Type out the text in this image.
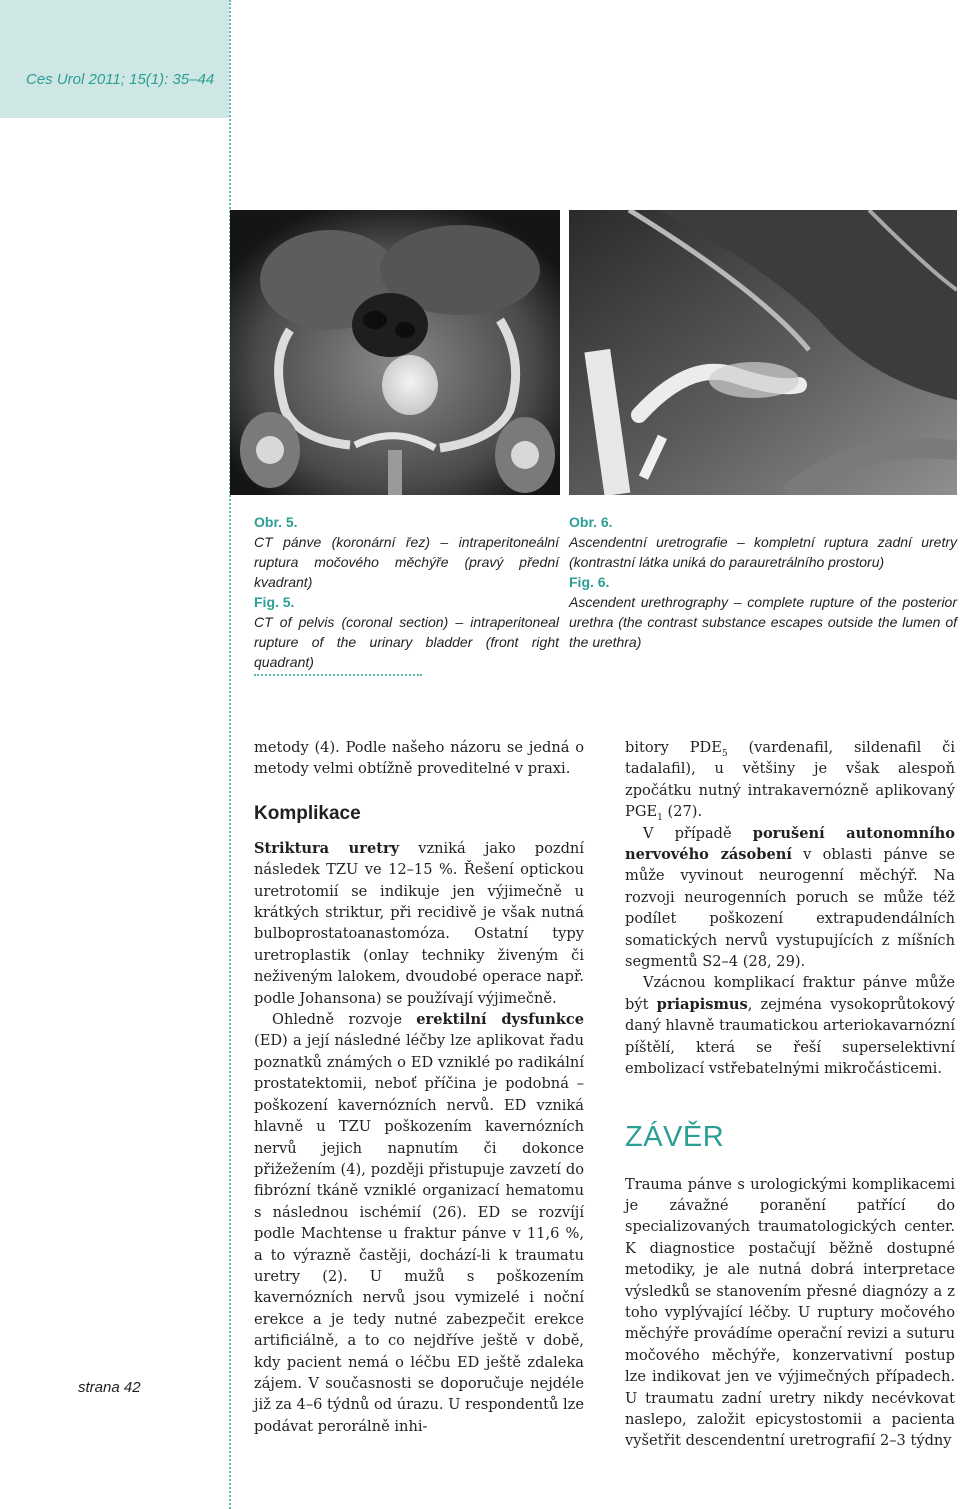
Ces Urol 2011; 15(1): 35–44
strana 42
Obr. 5.
CT pánve (koronární řez) – intraperitoneální ruptura močového měchýře (pravý přední kvadrant)
Fig. 5.
CT of pelvis (coronal section) – intraperitoneal rupture of the urinary bladder (front right quadrant)
Obr. 6.
Ascendentní uretrografie – kompletní ruptura zadní uretry (kontrastní látka uniká do parauretrálního prostoru)
Fig. 6.
Ascendent urethrography – complete rupture of the posterior urethra (the contrast substance escapes outside the lumen of the urethra)

metody (4). Podle našeho názoru se jedná o metody velmi obtížně proveditelné v praxi.

Komplikace

Striktura uretry vzniká jako pozdní následek TZU ve 12–15 %. Řešení optickou uretrotomií se indikuje jen výjimečně u krátkých striktur, při recidivě je však nutná bulboprostatoanastomóza. Ostatní typy uretroplastik (onlay techniky živeným či neživeným lalokem, dvoudobé operace např. podle Johansona) se používají výjimečně.

Ohledně rozvoje erektilní dysfunkce (ED) a její následné léčby lze aplikovat řadu poznatků známých o ED vzniklé po radikální prostatektomii, neboť příčina je podobná – poškození kavernózních nervů. ED vzniká hlavně u TZU poškozením kavernózních nervů jejich napnutím či dokonce přižežením (4), později přistupuje zavzetí do fibrózní tkáně vzniklé organizací hematomu s následnou ischémií (26). ED se rozvíjí podle Machtense u fraktur pánve v 11,6 %, a to výrazně častěji, dochází-li k traumatu uretry (2). U mužů s poškozením kavernózních nervů jsou vymizelé i noční erekce a je tedy nutné zabezpečit erekce artificiálně, a to co nejdříve ještě v době, kdy pacient nemá o léčbu ED ještě zdaleka zájem. V současnosti se doporučuje nejdéle již za 4–6 týdnů od úrazu. U respondentů lze podávat perorálně inhi-

bitory $PDE_5$ (vardenafil, sildenafil či tadalafil), u většiny je však alespoň zpočátku nutný intrakavernózně aplikovaný $PGE_1$ (27).

V případě porušení autonomního nervového zásobení v oblasti pánve se může vyvinout neurogenní měchýř. Na rozvoji neurogenních poruch se může též podílet poškození extrapudendálních somatických nervů vystupujících z míšních segmentů S2–4 (28, 29).

Vzácnou komplikací fraktur pánve může být priapismus, zejména vysokoprůtokový daný hlavně traumatickou arteriokavarnózní píštělí, která se řeší superselektivní embolizací vstřebatelnými mikročásticemi.

ZÁVĚR

Trauma pánve s urologickými komplikacemi je závažné poranění patřící do specializovaných traumatologických center. K diagnostice postačují běžně dostupné metodiky, je ale nutná dobrá interpretace výsledků se stanovením přesné diagnózy a z toho vyplývající léčby. U ruptury močového měchýře provádíme operační revizi a suturu močového měchýře, konzervativní postup lze indikovat jen ve výjimečných případech. U traumatu zadní uretry nikdy necévkovat naslepo, založit epicystostomii a pacienta vyšetřit descendentní uretrografií 2–3 týdny
